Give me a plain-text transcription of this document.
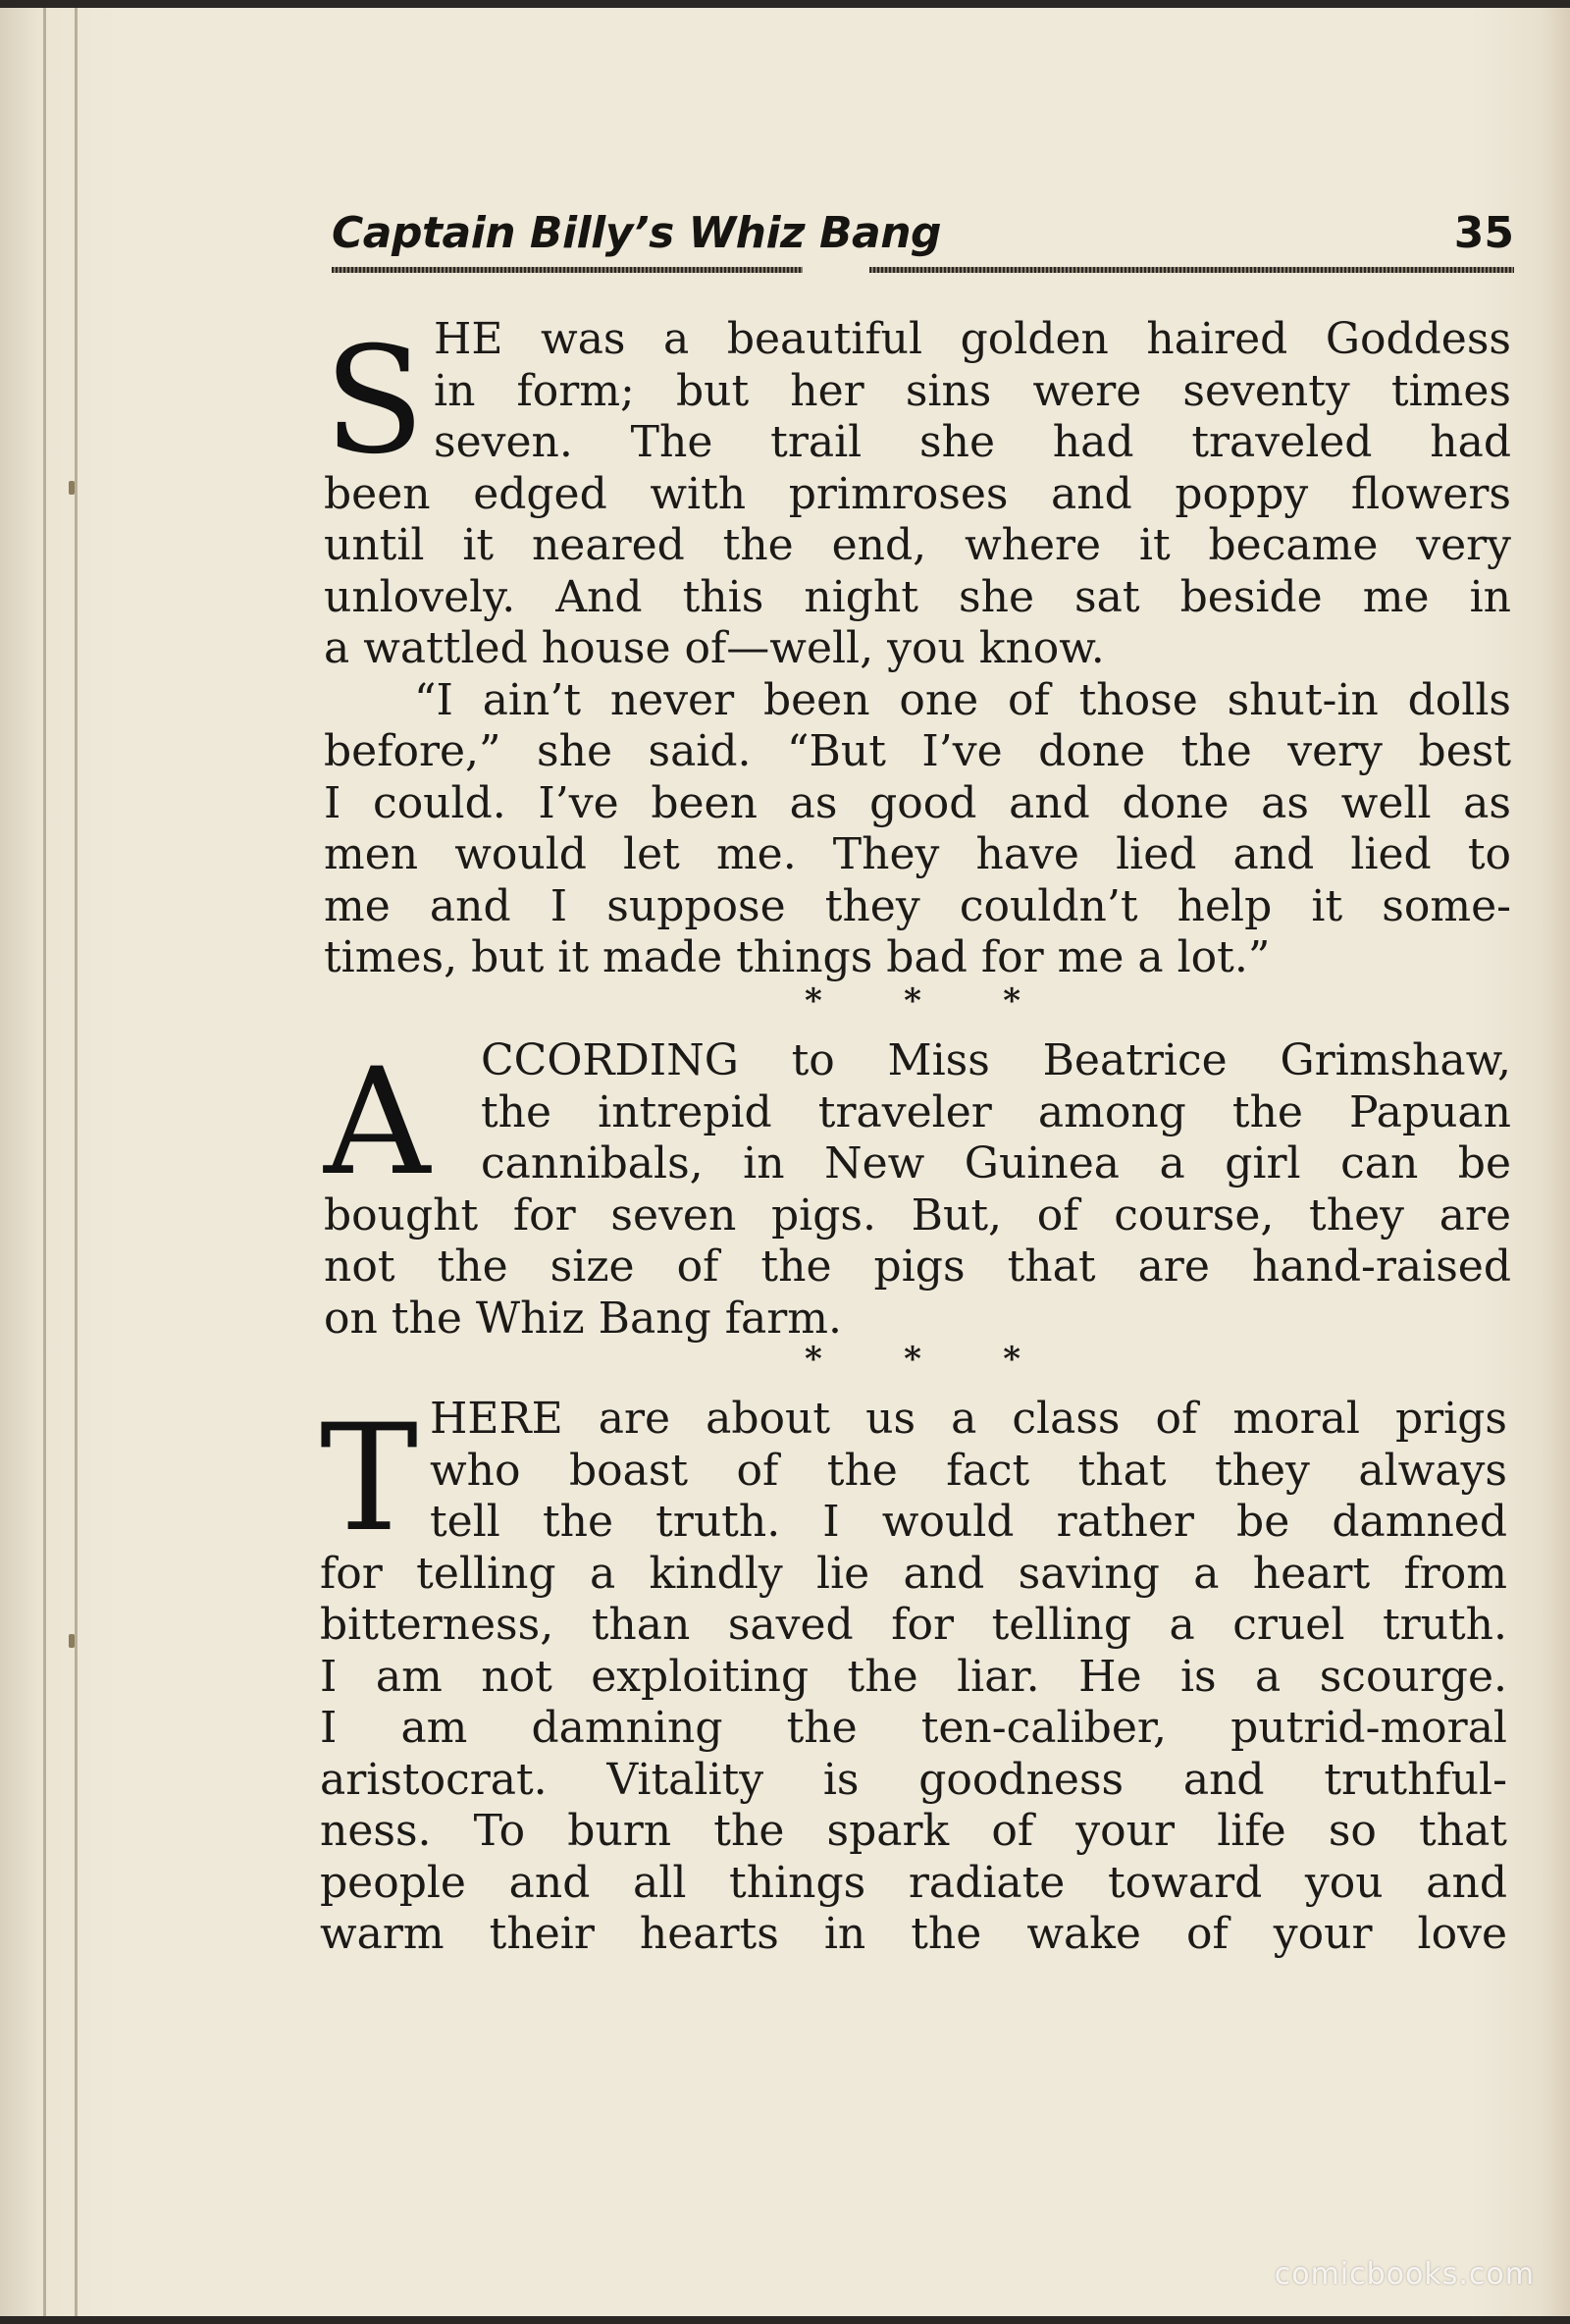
Captain Billy’s Whiz Bang	35
S HE was a beautiful golden haired Goddess
in form; but her sins were seventy times
seven. The trail she had traveled had
been edged with primroses and poppy flowers
until it neared the end, where it became very
unlovely. And this night she sat beside me in
a wattled house of—well, you know.
“I ain’t never been one of those shut-in dolls
before,” she said. “But I’ve done the very best
I could. I’ve been as good and done as well as
men would let me. They have lied and lied to
me and I suppose they couldn’t help it some-
times, but it made things bad for me a lot.”
* * *
A	CCORDING to Miss Beatrice Grimshaw,
the intrepid traveler among the Papuan
cannibals, in New Guinea a girl can be
bought for seven pigs. But, of course, they are
not the size of the pigs that are hand-raised
on the Whiz Bang farm.
* * *
T HERE are about us a class of moral prigs
who boast of the fact that they always
tell the truth. I would rather be damned
for telling a kindly lie and saving a heart from
bitterness, than saved for telling a cruel truth.
I am not exploiting the liar. He is a scourge.
I am damning the ten-caliber, putrid-moral
aristocrat. Vitality is goodness and truthful-
ness. To burn the spark of your life so that
people and all things radiate toward you and
warm their hearts in the wake of your love
comicbooks.com
